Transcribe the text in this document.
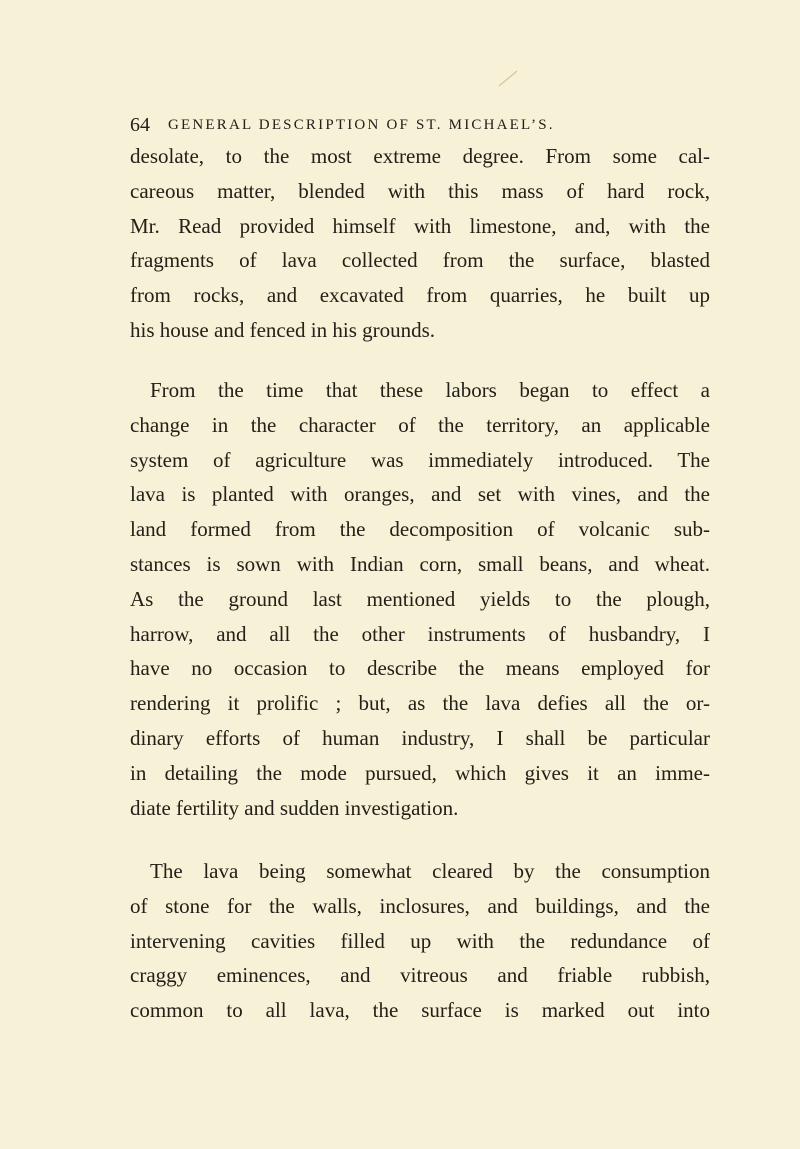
64 GENERAL DESCRIPTION OF ST. MICHAEL’S.
desolate, to the most extreme degree. From some cal-
careous matter, blended with this mass of hard rock,
Mr. Read provided himself with limestone, and, with the
fragments of lava collected from the surface, blasted
from rocks, and excavated from quarries, he built up
his house and fenced in his grounds.
From the time that these labors began to effect a
change in the character of the territory, an applicable
system of agriculture was immediately introduced. The
lava is planted with oranges, and set with vines, and the
land formed from the decomposition of volcanic sub-
stances is sown with Indian corn, small beans, and wheat.
As the ground last mentioned yields to the plough,
harrow, and all the other instruments of husbandry, I
have no occasion to describe the means employed for
rendering it prolific ; but, as the lava defies all the or-
dinary efforts of human industry, I shall be particular
in detailing the mode pursued, which gives it an imme-
diate fertility and sudden investigation.
The lava being somewhat cleared by the consumption
of stone for the walls, inclosures, and buildings, and the
intervening cavities filled up with the redundance of
craggy eminences, and vitreous and friable rubbish,
common to all lava, the surface is marked out into
